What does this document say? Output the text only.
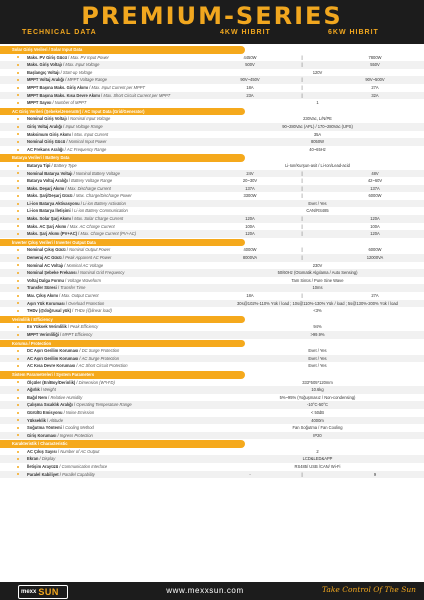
PREMIUM-SERIES
TECHNICAL DATA	4KW HIBRIT	6KW HIBRIT
Solar Giriş Verileri / Solar Input Data
Maks. PV Giriş Gücü / Max. PV Input Power	4450W	|	7800W
Maks. Giriş Voltajı / Max. Input Voltage	500V	|	550V
Başlangıç Voltajı / Start-up Voltage	120V
MPPT Voltaj Aralığı / MPPT Voltage Range	90V~450V	|	90V~500V
MPPT Başına Maks. Giriş Akımı / Max. Input Current per MPPT	18A	|	27A
MPPT Başına Maks. Kısa Devre Akımı / Max. Short Circuit Current per MPPT	23A	|	32A
MPPT Sayısı / Number of MPPT	1
AC Giriş Verileri (Şebeke/Jeneratör) / AC Input Data (Grid/Generator)
Nominal Giriş Voltajı / Nominal Input Voltage	230Vac, L/N/PE
Giriş Voltaj Aralığı / Input Voltage Range	90~280Vac (APL) / 170~280Vac (UPS)
Maksimum Giriş Akımı / Max. Input Current	35A
Nominal Giriş Gücü / Nominal Input Power	8050W
AC Frekans Aralığı / AC Frequency Range	40~65Hz
Batarya Verileri / Battery Data
Batarya Tipi / Battery Type	Li-Ion/Kurşun-asit / Li-Ion/Lead-acid
Nominal Batarya Voltajı / Nominal Battery Voltage	24V	|	48V
Batarya Voltaj Aralığı / Battery Voltage Range	20~30V	|	42~60V
Maks. Deşarj Akımı / Max. Discharge Current	137A	|	137A
Maks. Şarj/Deşarj Gücü / Max. Charge/Discharge Power	3300W	|	6000W
Li-ion Batarya Aktivasyonu / Li-ion Battery Activation	Evet / Yes
Li-ion Batarya İletişimi / Li-ion Battery Communication	CAN/RS485
Maks. Solar Şarj Akımı / Max. Solar Charge Current	120A	|	120A
Maks. AC Şarj Akımı / Max. AC Charge Current	100A	|	100A
Maks. Şarj Akımı (PV+AC) / Max. Charge Current (PV+AC)	120A	|	120A
İnverter Çıkış Verileri / Inverter Output Data
Nominal Çıkış Gücü / Nominal Output Power	4000W	|	6000W
Demeraj AC Gücü / Peak Apparent AC Power	8000VA	|	12000VA
Nominal AC Voltajı / Nominal AC Voltage	230V
Nominal Şebeke Frekansı / Nominal Grid Frequency	50/60Hz (Otomatik Algılama / Auto Sensing)
Voltaj Dalga Formu / Voltage Waveform	Tam Sinüs / Pure Sine Wave
Transfer Süresi / Transfer Time	10ms
Maı. Çıkış Akımı / Max. Output Current	18A	|	27A
Aşırı Yük Koruması / Overload Protection	30s@102%-110% Yük / load ; 10s@110%-130% Yük / load ; 5s@130%-200% Yük / load
THDv (@doğrusal yük) / THDv (@linear load)	<3%
Verimlilik / Efficiency
En Yüksek Verimlilik / Peak Efficiency	94%
MPPT Verimliliği / MPPT Efficiency	>99.9%
Koruma / Protection
DC Aşırı Gerilim Koruması / DC Surge Protection	Evet / Yes
AC Aşırı Gerilim Koruması / AC Surge Protection	Evet / Yes
AC Kısa Devre Koruması / AC Short Circuit Protection	Evet / Yes
Sistem Parametreleri / System Parameters
Ölçüler (En/Boy/Derinlik) / Dimension (W*H*D)	333*505*120mm
Ağırlık / Weight	10.6kg
Bağıl Nem / Relative Humidity	5%~95% (Yoğuşmasız / Non-condensing)
Çalışma Sıcaklık Aralığı / Operating Temperature Range	-10°C-50°C
Gürültü Emisyonu / Noise Emission	< 50dB
Yükseklik / Altitude	4000m
Soğutma Yöntemi / Cooling Method	Fan Soğutma / Fan Cooling
Giriş Koruması / Ingress Protection	IP20
Karakteristik / Characteristic
AC Çıkış Sayısı / Number of AC Output	2
Ekran / Display	LCD&LED&APP
İletişim Arayüzü / Communication Interface	RS485/ USB /CAN/ Wi-Fi
Paralel Kabiliyet / Parallel Capability	-	|	9
mexx SUN	www.mexxsun.com	Take Control Of The Sun
